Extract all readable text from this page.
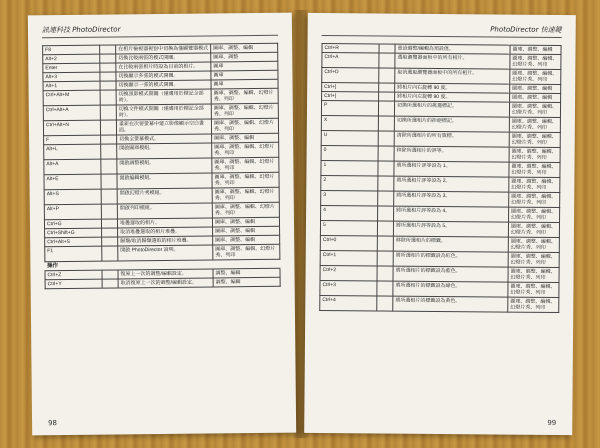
訊連科技 PhotoDirector
F8		在相片檢視器視窗中切換為僅顯覽器模式	圖庫、調整、編輯
Alt+2		切換比較兩張的模式開關。	圖庫、調整
Enter		在比較兩張相片時設為目前的相片。	圖庫
Alt+3		切換顯示多張的模式開關。	圖庫
Alt+1		切換顯示一張的模式開關。	圖庫
Ctrl+Alt+M		切換黑影模式開關（僅適用於標記全部時）。	圖庫、調整、編輯、幻燈片秀、列印
Ctrl+Alt+A		切換文件模式開關（僅適用於標記全部時）。	圖庫、調整、編輯、幻燈片秀、列印
Ctrl+Alt+N		重新在次要螢幕中建立影像顯示空白畫面。	圖庫、調整、編輯、幻燈片秀、列印
F		切換全螢幕模式。	圖庫、調整、編輯
Alt+L		開啟圖庫模組。	圖庫、調整、編輯、幻燈片秀、列印
Alt+A		開啟調整模組。	圖庫、調整、編輯、幻燈片秀、列印
Alt+E		開啟編輯模組。	圖庫、調整、編輯、幻燈片秀、列印
Alt+S		開啟幻燈片秀模組。	圖庫、調整、編輯、幻燈片秀、列印
Alt+P		開啟列印模組。	圖庫、調整、編輯、幻燈片秀、列印
Ctrl+G		堆疊選取的相片。	圖庫、調整、編輯
Ctrl+Shift+G		取消堆疊選取的相片堆疊。	圖庫、調整、編輯
Ctrl+Alt+S		歸類/取消歸類選取的相片堆疊。	圖庫、調整、編輯
F1		開啟 PhotoDirector 說明。	圖庫、調整、編輯、幻燈片秀、列印
操作			
Ctrl+Z		復原上一次的調整/編輯設定。	調整、編輯
Ctrl+Y		取消復原上一次的調整/編輯設定。	調整、編輯
98
PhotoDirector 快速鍵
Ctrl+R		重設調整/編輯為預設值。	圖庫、調整、編輯
Ctrl+A		選取瀏覽器面板中的所有相片。	圖庫、調整、編輯、幻燈片秀、列印
Ctrl+D		取消選取瀏覽器面板中的所有相片。	圖庫、調整、編輯、幻燈片秀、列印
Ctrl+]		將相片向右旋轉 90 度。	圖庫、調整、編輯
Ctrl+[		將相片向左旋轉 90 度。	圖庫、調整、編輯
P		切換所選相片的挑選標記。	圖庫、調整、編輯、幻燈片秀、列印
X		切換所選相片的拒絕標記。	圖庫、調整、編輯、幻燈片秀、列印
U		清除所選相片的所有旗標。	圖庫、調整、編輯、幻燈片秀、列印
0		移除所選相片的評等。	圖庫、調整、編輯、幻燈片秀、列印
1		將所選相片評等設為 1。	圖庫、調整、編輯、幻燈片秀、列印
2		將所選相片評等設為 2。	圖庫、調整、編輯、幻燈片秀、列印
3		將所選相片評等設為 3。	圖庫、調整、編輯、幻燈片秀、列印
4		將所選相片評等設為 4。	圖庫、調整、編輯、幻燈片秀、列印
5		將所選相片評等設為 5。	圖庫、調整、編輯、幻燈片秀、列印
Ctrl+0		移除所選相片的標籤。	圖庫、調整、編輯、幻燈片秀、列印
Ctrl+1		將所選相片的標籤設為紅色。	圖庫、調整、編輯、幻燈片秀、列印
Ctrl+2		將所選相片的標籤設為藍色。	圖庫、調整、編輯、幻燈片秀、列印
Ctrl+3		將所選相片的標籤設為綠色。	圖庫、調整、編輯、幻燈片秀、列印
Ctrl+4		將所選相片的標籤設為黃色。	圖庫、調整、編輯、幻燈片秀、列印
99
